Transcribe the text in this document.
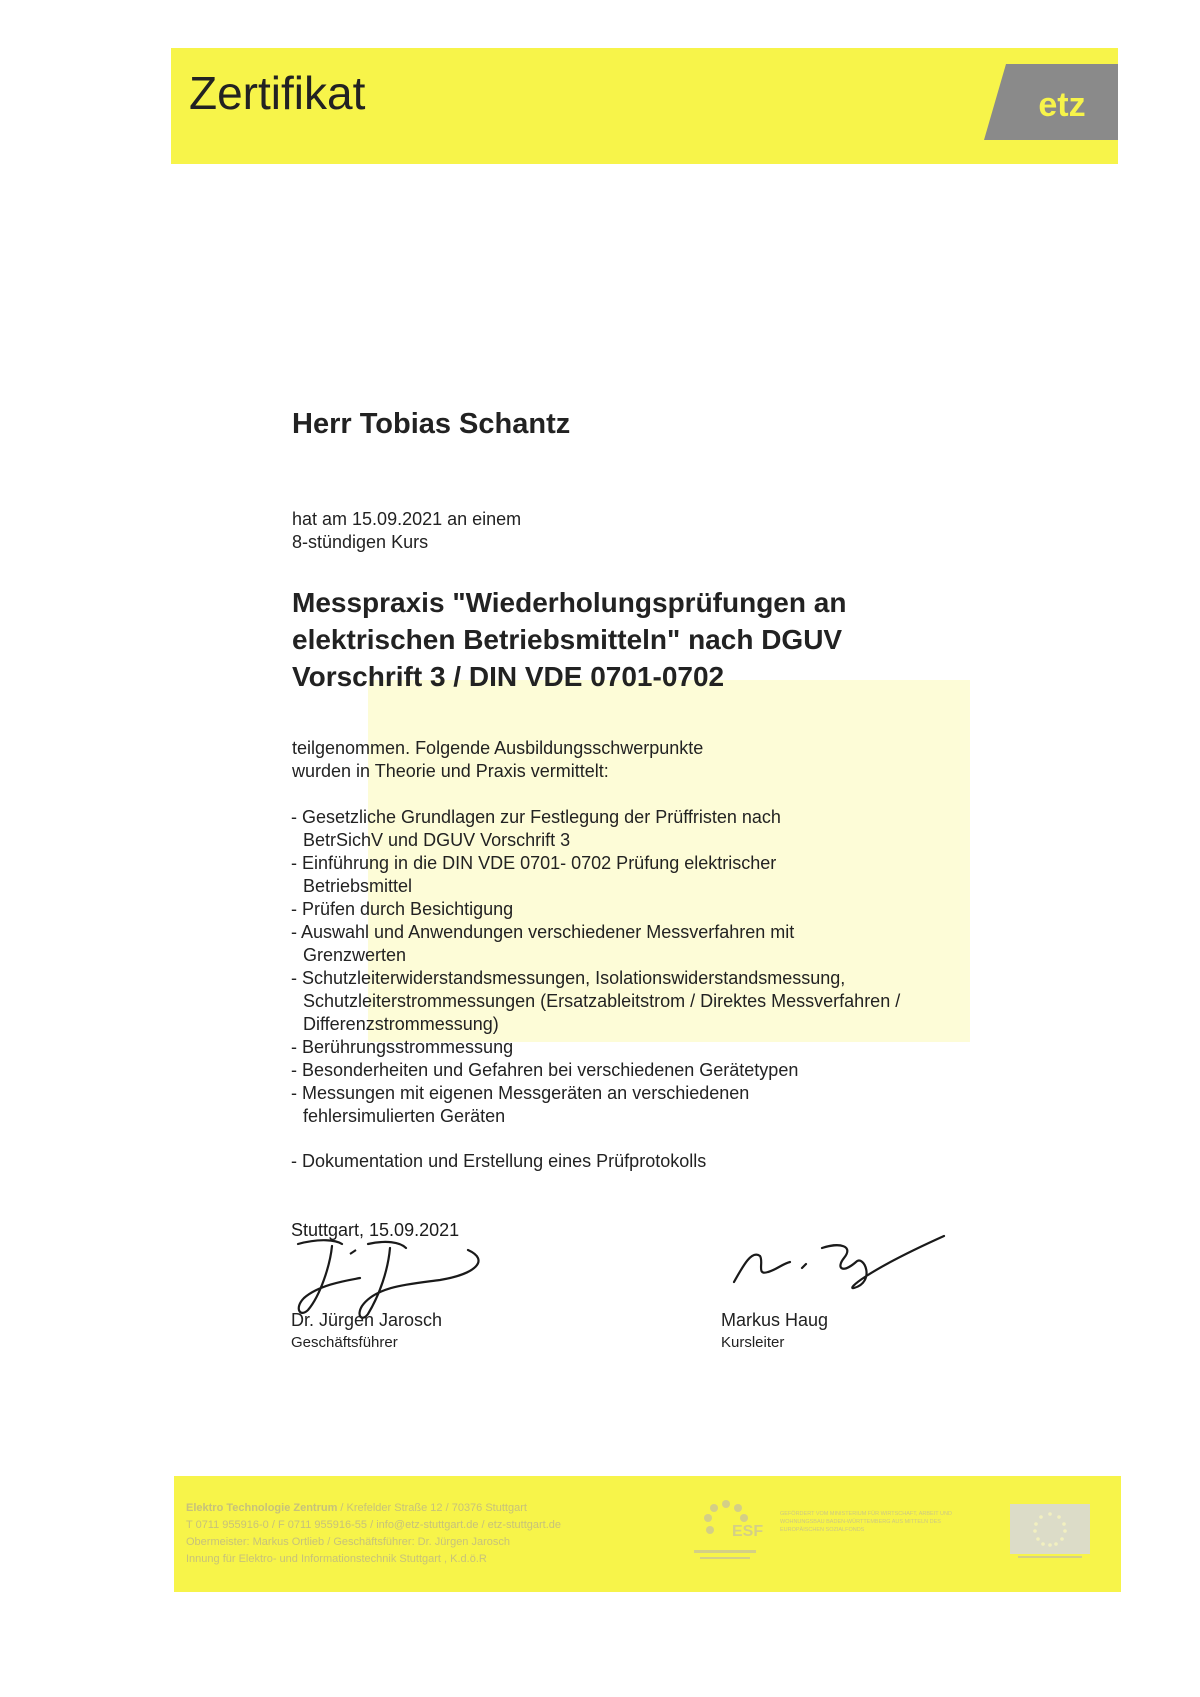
Zertifikat	etz
Herr Tobias Schantz
hat am 15.09.2021 an einem
8-stündigen Kurs
Messpraxis "Wiederholungsprüfungen an
elektrischen Betriebsmitteln" nach DGUV
Vorschrift 3 / DIN VDE 0701-0702
teilgenommen. Folgende Ausbildungsschwerpunkte
wurden in Theorie und Praxis vermittelt:
- Gesetzliche Grundlagen zur Festlegung der Prüffristen nach BetrSichV und DGUV Vorschrift 3
- Einführung in die DIN VDE 0701- 0702 Prüfung elektrischer Betriebsmittel
- Prüfen durch Besichtigung
- Auswahl und Anwendungen verschiedener Messverfahren mit Grenzwerten
- Schutzleiterwiderstandsmessungen, Isolationswiderstandsmessung, Schutzleiterstrommessungen (Ersatzableitstrom / Direktes Messverfahren / Differenzstrommessung)
- Berührungsstrommessung
- Besonderheiten und Gefahren bei verschiedenen Gerätetypen
- Messungen mit eigenen Messgeräten an verschiedenen fehlersimulierten Geräten
- Dokumentation und Erstellung eines Prüfprotokolls
Stuttgart, 15.09.2021
Dr. Jürgen Jarosch
Geschäftsführer
Markus Haug
Kursleiter
Elektro Technologie Zentrum / Krefelder Straße 12 / 70376 Stuttgart
T 0711 955916-0 / F 0711 955916-55 / info@etz-stuttgart.de / etz-stuttgart.de
Obermeister: Markus Ortlieb / Geschäftsführer: Dr. Jürgen Jarosch
Innung für Elektro- und Informationstechnik Stuttgart , K.d.ö.R
ESF
GEFÖRDERT VOM MINISTERIUM FÜR WIRTSCHAFT, ARBEIT UND WOHNUNGSBAU BADEN-WÜRTTEMBERG AUS MITTELN DES EUROPÄISCHEN SOZIALFONDS
